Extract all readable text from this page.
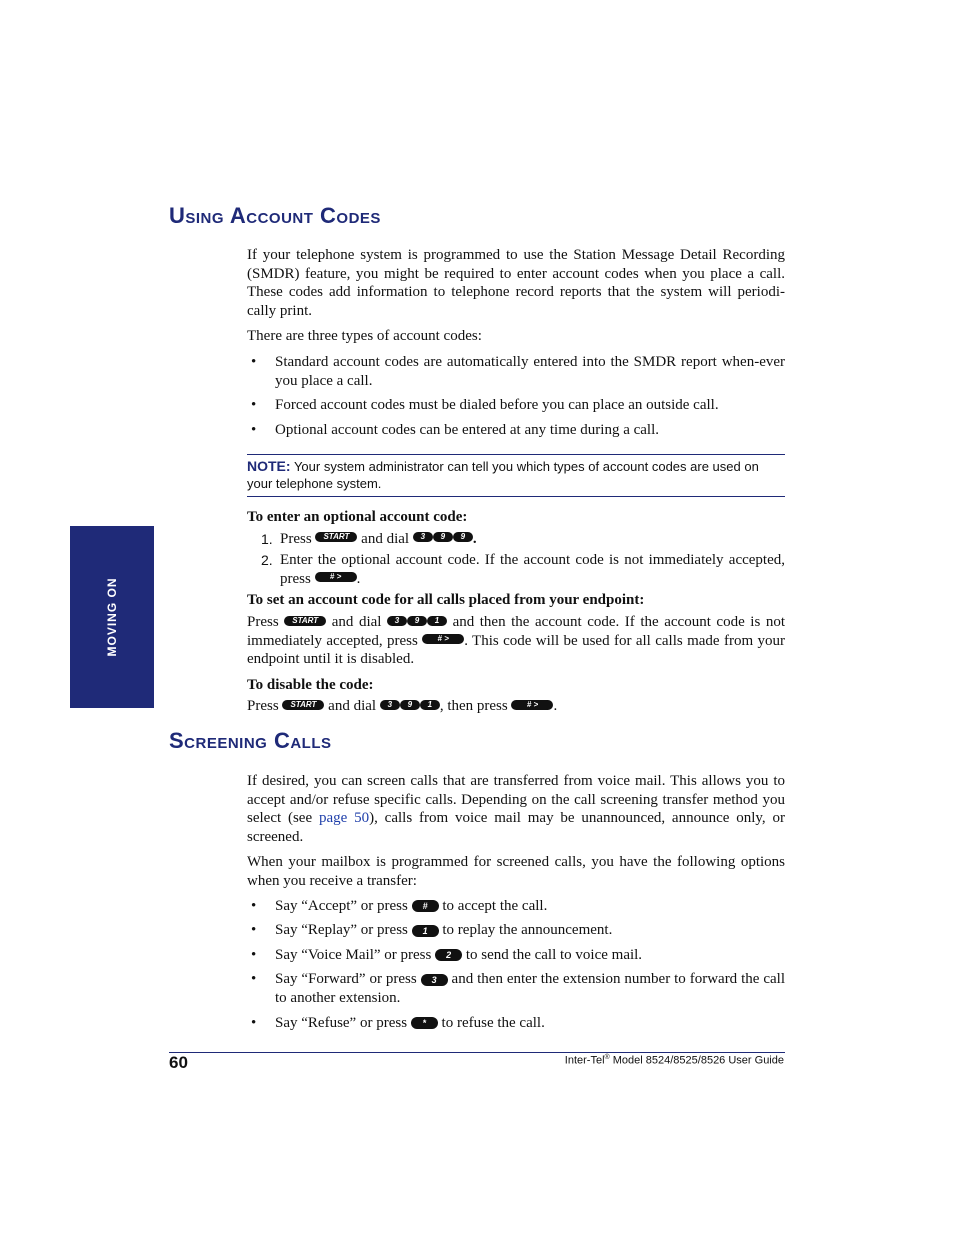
MOVING ON
Using Account Codes

If your telephone system is programmed to use the Station Message Detail Recording (SMDR) feature, you might be required to enter account codes when you place a call. These codes add information to telephone record reports that the system will periodi-cally print.

There are three types of account codes:

• Standard account codes are automatically entered into the SMDR report when-ever you place a call.
• Forced account codes must be dialed before you can place an outside call.
• Optional account codes can be entered at any time during a call.
NOTE: Your system administrator can tell you which types of account codes are used on your telephone system.

To enter an optional account code:

1. Press START and dial 3 9 9 .
2. Enter the optional account code. If the account code is not immediately accepted, press # > .

To set an account code for all calls placed from your endpoint:

Press START and dial 3 9 1 and then the account code. If the account code is not immediately accepted, press # > . This code will be used for all calls made from your endpoint until it is disabled.

To disable the code:

Press START and dial 3 9 1 , then press # > .

Screening Calls

If desired, you can screen calls that are transferred from voice mail. This allows you to accept and/or refuse specific calls. Depending on the call screening transfer method you select (see page 50), calls from voice mail may be unannounced, announce only, or screened.

When your mailbox is programmed for screened calls, you have the following options when you receive a transfer:

• Say “Accept” or press # to accept the call.
• Say “Replay” or press 1 to replay the announcement.
• Say “Voice Mail” or press 2 to send the call to voice mail.
• Say “Forward” or press 3 and then enter the extension number to forward the call to another extension.
• Say “Refuse” or press * to refuse the call.
60	Inter-Tel® Model 8524/8525/8526 User Guide
